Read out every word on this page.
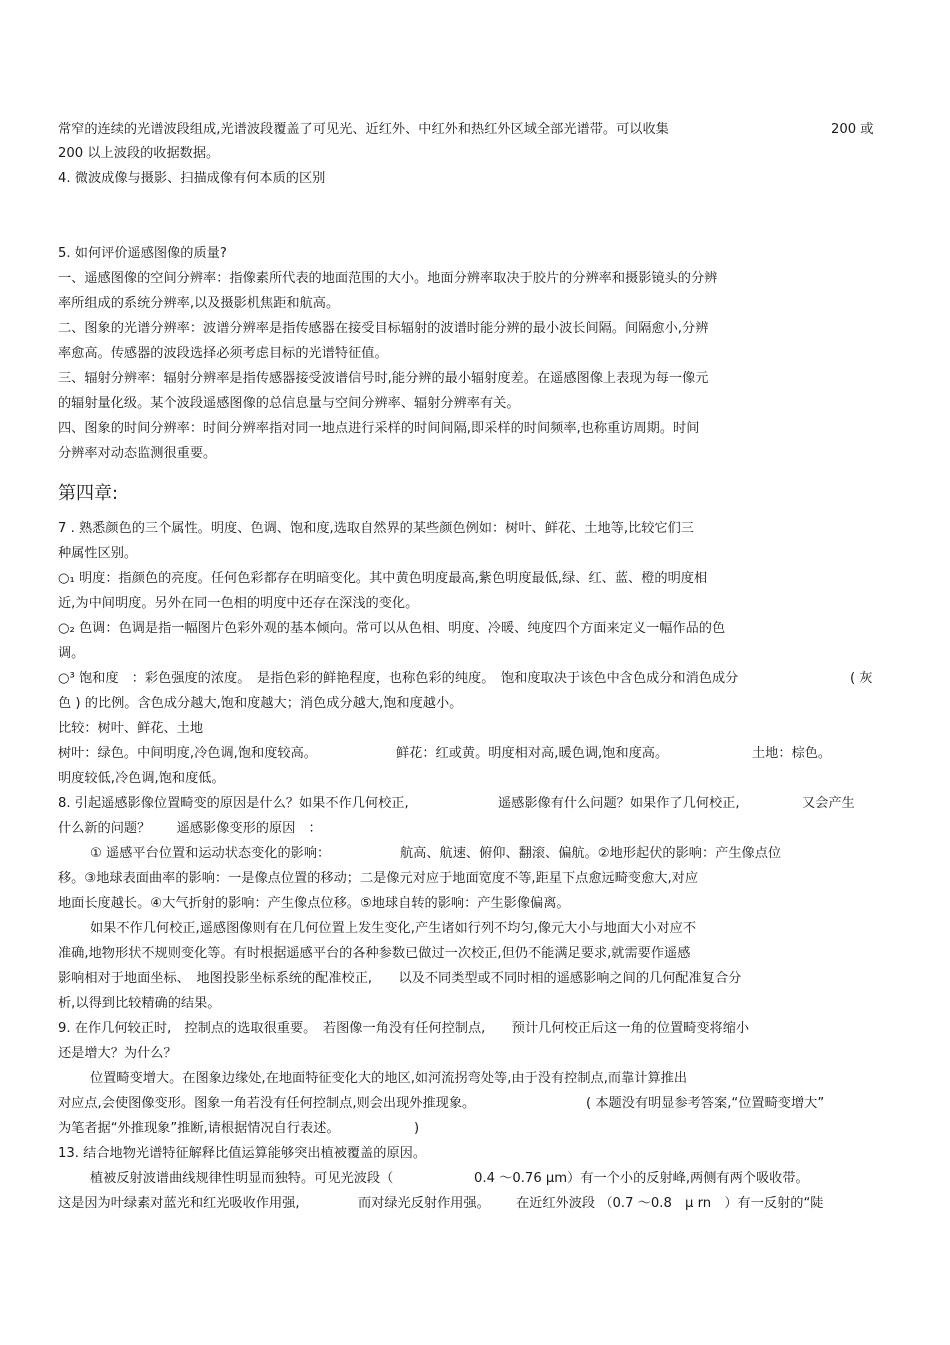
常窄的连续的光谱波段组成,光谱波段覆盖了可见光、近红外、中红外和热红外区域全部光谱带。可以收集	200 或
200 以上波段的收据数据。
4. 微波成像与摄影、扫描成像有何本质的区别
5. 如何评价遥感图像的质量?
一、遥感图像的空间分辨率：指像素所代表的地面范围的大小。地面分辨率取决于胶片的分辨率和摄影镜头的分辨
率所组成的系统分辨率,以及摄影机焦距和航高。
二、图象的光谱分辨率：波谱分辨率是指传感器在接受目标辐射的波谱时能分辨的最小波长间隔。间隔愈小,分辨
率愈高。传感器的波段选择必须考虑目标的光谱特征值。
三、辐射分辨率：辐射分辨率是指传感器接受波谱信号时,能分辨的最小辐射度差。在遥感图像上表现为每一像元
的辐射量化级。某个波段遥感图像的总信息量与空间分辨率、辐射分辨率有关。
四、图象的时间分辨率：时间分辨率指对同一地点进行采样的时间间隔,即采样的时间频率,也称重访周期。时间
分辨率对动态监测很重要。
第四章:
7 . 熟悉颜色的三个属性。明度、色调、饱和度,选取自然界的某些颜色例如：树叶、鲜花、土地等,比较它们三
种属性区别。
○₁ 明度：指颜色的亮度。任何色彩都存在明暗变化。其中黄色明度最高,紫色明度最低,绿、红、蓝、橙的明度相
近,为中间明度。另外在同一色相的明度中还存在深浅的变化。
○₂ 色调：色调是指一幅图片色彩外观的基本倾向。常可以从色相、明度、冷暖、纯度四个方面来定义一幅作品的色
调。
○³ 饱和度　：彩色强度的浓度。　是指色彩的鲜艳程度，也称色彩的纯度。　饱和度取决于该色中含色成分和消色成分	( 灰
色 ) 的比例。含色成分越大,饱和度越大；消色成分越大,饱和度越小。
比较：树叶、鲜花、土地
树叶：绿色。中间明度,冷色调,饱和度较高。	鲜花：红或黄。明度相对高,暖色调,饱和度高。	土地：棕色。
明度较低,冷色调,饱和度低。
8. 引起遥感影像位置畸变的原因是什么？如果不作几何校正,	遥感影像有什么问题？如果作了几何校正,	又会产生
什么新的问题？　　遥感影像变形的原因　：
① 遥感平台位置和运动状态变化的影响：	航高、航速、俯仰、翻滚、偏航。②地形起伏的影响：产生像点位
移。③地球表面曲率的影响：一是像点位置的移动；二是像元对应于地面宽度不等,距星下点愈远畸变愈大,对应
地面长度越长。④大气折射的影响：产生像点位移。⑤地球自转的影响：产生影像偏离。
如果不作几何校正,遥感图像则有在几何位置上发生变化,产生诸如行列不均匀,像元大小与地面大小对应不
准确,地物形状不规则变化等。有时根据遥感平台的各种参数已做过一次校正,但仍不能满足要求,就需要作遥感
影响相对于地面坐标、　地图投影坐标系统的配准校正,　　以及不同类型或不同时相的遥感影响之间的几何配准复合分
析,以得到比较精确的结果。
9. 在作几何较正时,　控制点的选取很重要。　若图像一角没有任何控制点,　　预计几何校正后这一角的位置畸变将缩小
还是增大？为什么？
位置畸变增大。在图象边缘处,在地面特征变化大的地区,如河流拐弯处等,由于没有控制点,而靠计算推出
对应点,会使图像变形。图象一角若没有任何控制点,则会出现外推现象。	( 本题没有明显参考答案,“位置畸变增大”
为笔者据“外推现象”推断,请根据情况自行表述。	)
13. 结合地物光谱特征解释比值运算能够突出植被覆盖的原因。
植被反射波谱曲线规律性明显而独特。可见光波段（	0.4 ～0.76 μm）有一个小的反射峰,两侧有两个吸收带。
这是因为叶绿素对蓝光和红光吸收作用强,	而对绿光反射作用强。 在近红外波段 （0.7 ～0.8　μ rn　）有一反射的“陡
